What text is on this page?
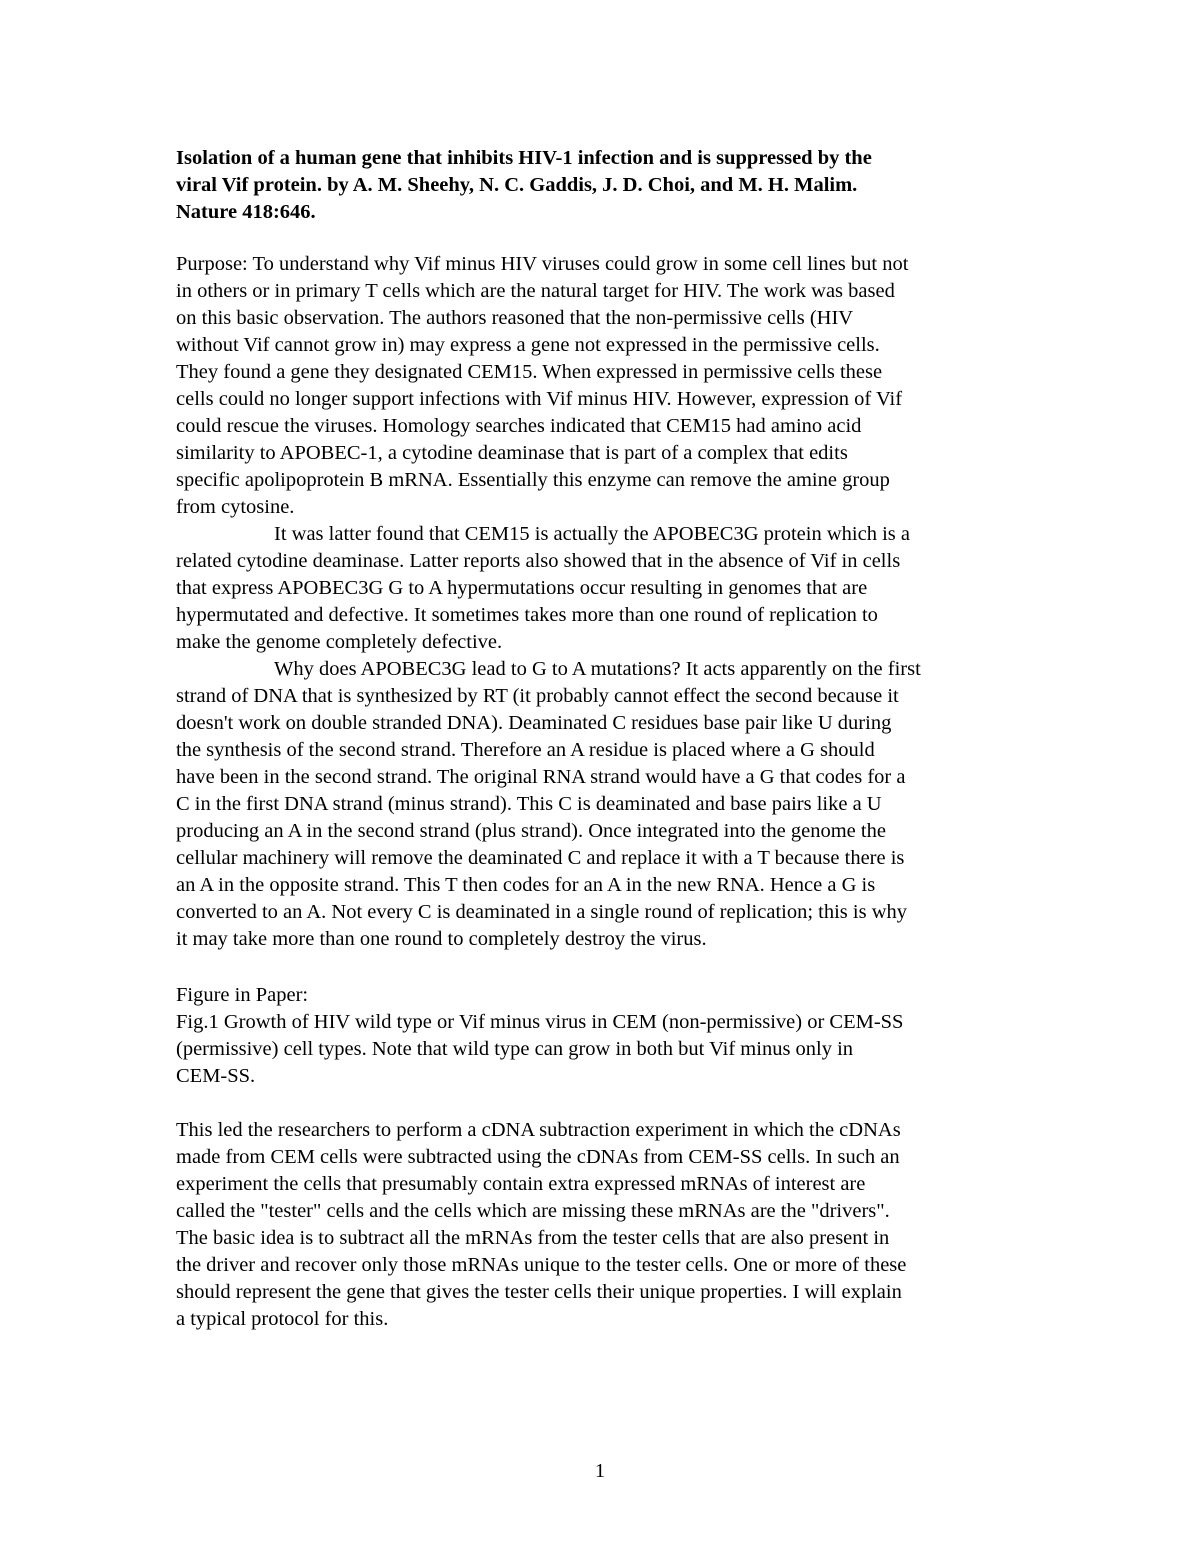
Isolation of a human gene that inhibits HIV-1 infection and is suppressed by the
viral Vif protein. by A. M. Sheehy, N. C. Gaddis, J. D. Choi, and M. H. Malim.
Nature 418:646.
Purpose: To understand why Vif minus HIV viruses could grow in some cell lines but not
in others or in primary T cells which are the natural target for HIV. The work was based
on this basic observation. The authors reasoned that the non-permissive cells (HIV
without Vif cannot grow in) may express a gene not expressed in the permissive cells.
They found a gene they designated CEM15. When expressed in permissive cells these
cells could no longer support infections with Vif minus HIV. However, expression of Vif
could rescue the viruses. Homology searches indicated that CEM15 had amino acid
similarity to APOBEC-1, a cytodine deaminase that is part of a complex that edits
specific apolipoprotein B mRNA. Essentially this enzyme can remove the amine group
from cytosine.
It was latter found that CEM15 is actually the APOBEC3G protein which is a
related cytodine deaminase. Latter reports also showed that in the absence of Vif in cells
that express APOBEC3G G to A hypermutations occur resulting in genomes that are
hypermutated and defective. It sometimes takes more than one round of replication to
make the genome completely defective.
Why does APOBEC3G lead to G to A mutations? It acts apparently on the first
strand of DNA that is synthesized by RT (it probably cannot effect the second because it
doesn't work on double stranded DNA). Deaminated C residues base pair like U during
the synthesis of the second strand. Therefore an A residue is placed where a G should
have been in the second strand. The original RNA strand would have a G that codes for a
C in the first DNA strand (minus strand). This C is deaminated and base pairs like a U
producing an A in the second strand (plus strand). Once integrated into the genome the
cellular machinery will remove the deaminated C and replace it with a T because there is
an A in the opposite strand. This T then codes for an A in the new RNA. Hence a G is
converted to an A. Not every C is deaminated in a single round of replication; this is why
it may take more than one round to completely destroy the virus.
Figure in Paper:
Fig.1 Growth of HIV wild type or Vif minus virus in CEM (non-permissive) or CEM-SS
(permissive) cell types. Note that wild type can grow in both but Vif minus only in
CEM-SS.
This led the researchers to perform a cDNA subtraction experiment in which the cDNAs
made from CEM cells were subtracted using the cDNAs from CEM-SS cells. In such an
experiment the cells that presumably contain extra expressed mRNAs of interest are
called the "tester" cells and the cells which are missing these mRNAs are the "drivers".
The basic idea is to subtract all the mRNAs from the tester cells that are also present in
the driver and recover only those mRNAs unique to the tester cells. One or more of these
should represent the gene that gives the tester cells their unique properties. I will explain
a typical protocol for this.
1
